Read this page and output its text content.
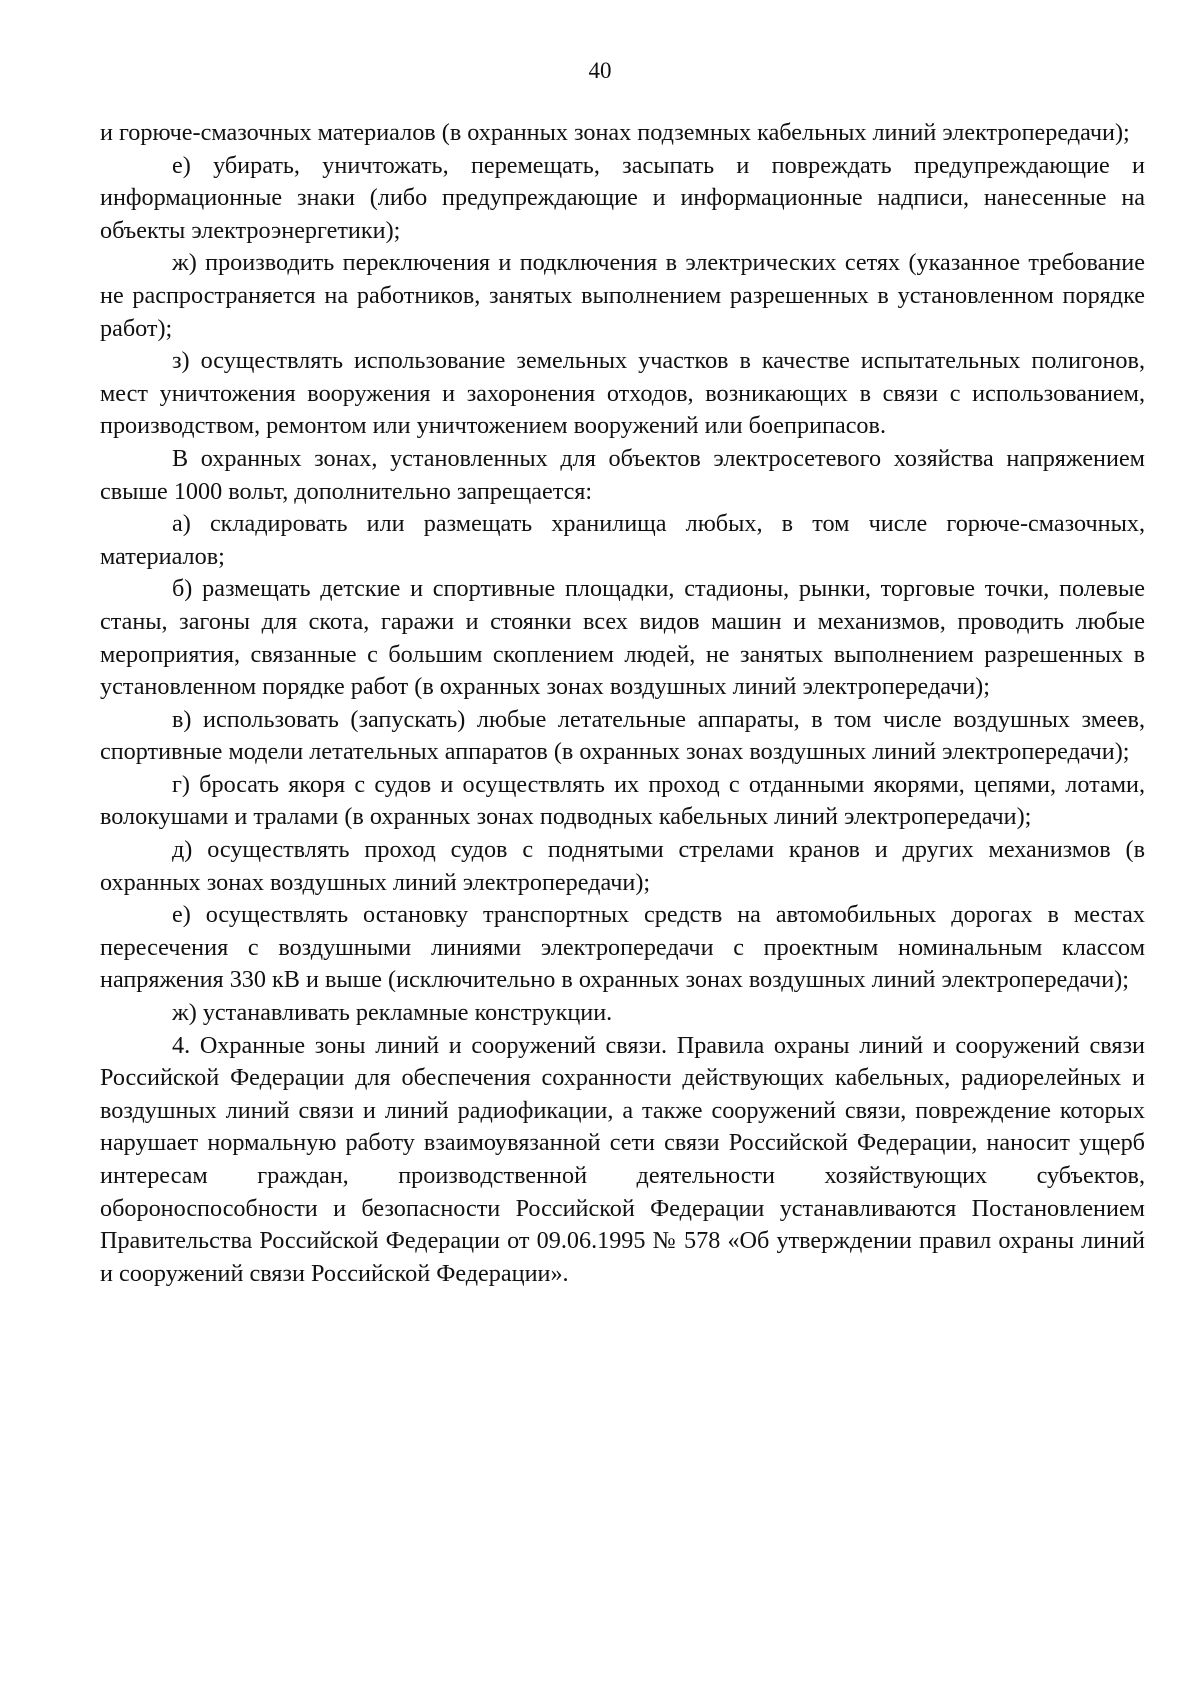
40

и горюче-смазочных материалов (в охранных зонах подземных кабельных линий электропередачи);

е) убирать, уничтожать, перемещать, засыпать и повреждать предупреждающие и информационные знаки (либо предупреждающие и информационные надписи, нанесенные на объекты электроэнергетики);

ж) производить переключения и подключения в электрических сетях (указанное требование не распространяется на работников, занятых выполнением разрешенных в установленном порядке работ);

з) осуществлять использование земельных участков в качестве испытательных полигонов, мест уничтожения вооружения и захоронения отходов, возникающих в связи с использованием, производством, ремонтом или уничтожением вооружений или боеприпасов.

В охранных зонах, установленных для объектов электросетевого хозяйства напряжением свыше 1000 вольт, дополнительно запрещается:

а) складировать или размещать хранилища любых, в том числе горюче-смазочных, материалов;

б) размещать детские и спортивные площадки, стадионы, рынки, торговые точки, полевые станы, загоны для скота, гаражи и стоянки всех видов машин и механизмов, проводить любые мероприятия, связанные с большим скоплением людей, не занятых выполнением разрешенных в установленном порядке работ (в охранных зонах воздушных линий электропередачи);

в) использовать (запускать) любые летательные аппараты, в том числе воздушных змеев, спортивные модели летательных аппаратов (в охранных зонах воздушных линий электропередачи);

г) бросать якоря с судов и осуществлять их проход с отданными якорями, цепями, лотами, волокушами и тралами (в охранных зонах подводных кабельных линий электропередачи);

д) осуществлять проход судов с поднятыми стрелами кранов и других механизмов (в охранных зонах воздушных линий электропередачи);

е) осуществлять остановку транспортных средств на автомобильных дорогах в местах пересечения с воздушными линиями электропередачи с проектным номинальным классом напряжения 330 кВ и выше (исключительно в охранных зонах воздушных линий электропередачи);

ж) устанавливать рекламные конструкции.

4. Охранные зоны линий и сооружений связи. Правила охраны линий и сооружений связи Российской Федерации для обеспечения сохранности действующих кабельных, радиорелейных и воздушных линий связи и линий радиофикации, а также сооружений связи, повреждение которых нарушает нормальную работу взаимоувязанной сети связи Российской Федерации, наносит ущерб интересам граждан, производственной деятельности хозяйствующих субъектов, обороноспособности и безопасности Российской Федерации устанавливаются Постановлением Правительства Российской Федерации от 09.06.1995 № 578 «Об утверждении правил охраны линий и сооружений связи Российской Федерации».
